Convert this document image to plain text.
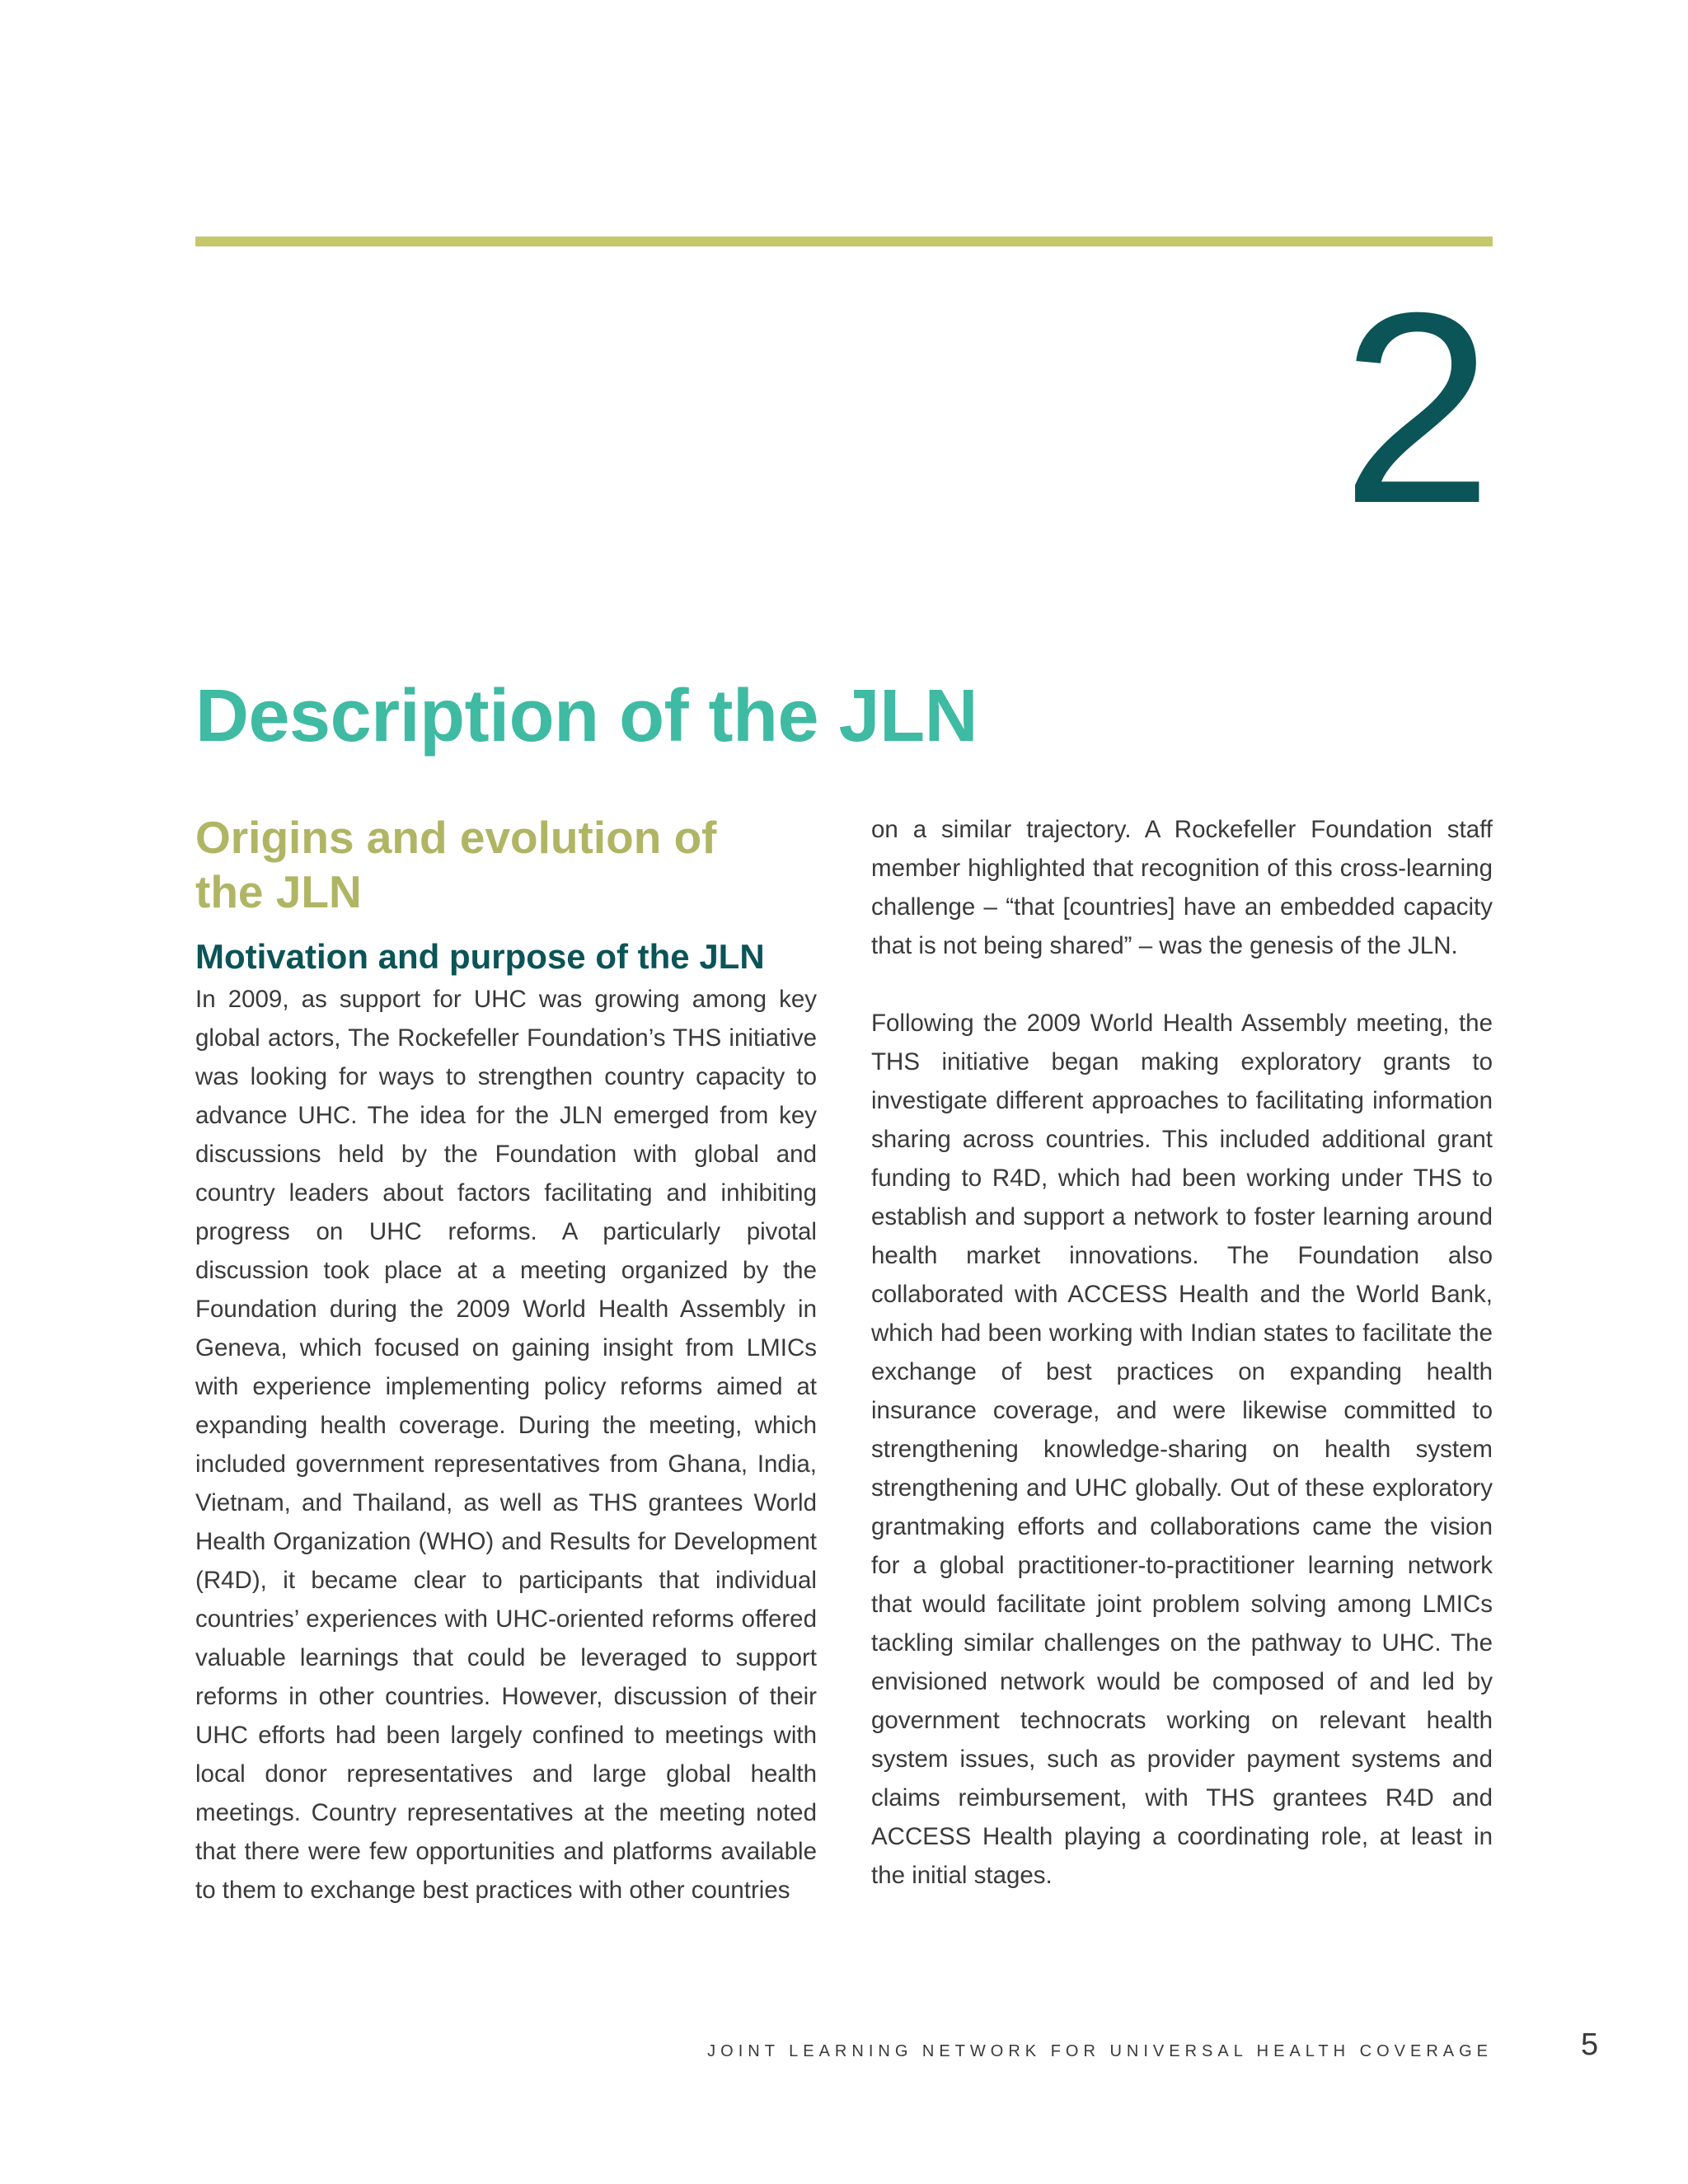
2
Description of the JLN
Origins and evolution of the JLN
Motivation and purpose of the JLN

In 2009, as support for UHC was growing among key global actors, The Rockefeller Foundation’s THS initiative was looking for ways to strengthen country capacity to advance UHC. The idea for the JLN emerged from key discussions held by the Foundation with global and country leaders about factors facilitating and inhibiting progress on UHC reforms. A particularly pivotal discussion took place at a meeting organized by the Foundation during the 2009 World Health Assembly in Geneva, which focused on gaining insight from LMICs with experience implementing policy reforms aimed at expanding health coverage. During the meeting, which included government representatives from Ghana, India, Vietnam, and Thailand, as well as THS grantees World Health Organization (WHO) and Results for Development (R4D), it became clear to participants that individual countries’ experiences with UHC-oriented reforms offered valuable learnings that could be leveraged to support reforms in other countries. However, discussion of their UHC efforts had been largely confined to meetings with local donor representatives and large global health meetings. Country representatives at the meeting noted that there were few opportunities and platforms available to them to exchange best practices with other countries

on a similar trajectory. A Rockefeller Foundation staff member highlighted that recognition of this cross-learning challenge – “that [countries] have an embedded capacity that is not being shared” – was the genesis of the JLN.

Following the 2009 World Health Assembly meeting, the THS initiative began making exploratory grants to investigate different approaches to facilitating information sharing across countries. This included additional grant funding to R4D, which had been working under THS to establish and support a network to foster learning around health market innovations. The Foundation also collaborated with ACCESS Health and the World Bank, which had been working with Indian states to facilitate the exchange of best practices on expanding health insurance coverage, and were likewise committed to strengthening knowledge-sharing on health system strengthening and UHC globally. Out of these exploratory grantmaking efforts and collaborations came the vision for a global practitioner-to-practitioner learning network that would facilitate joint problem solving among LMICs tackling similar challenges on the pathway to UHC. The envisioned network would be composed of and led by government technocrats working on relevant health system issues, such as provider payment systems and claims reimbursement, with THS grantees R4D and ACCESS Health playing a coordinating role, at least in the initial stages.

JOINT LEARNING NETWORK FOR UNIVERSAL HEALTH COVERAGE	5
